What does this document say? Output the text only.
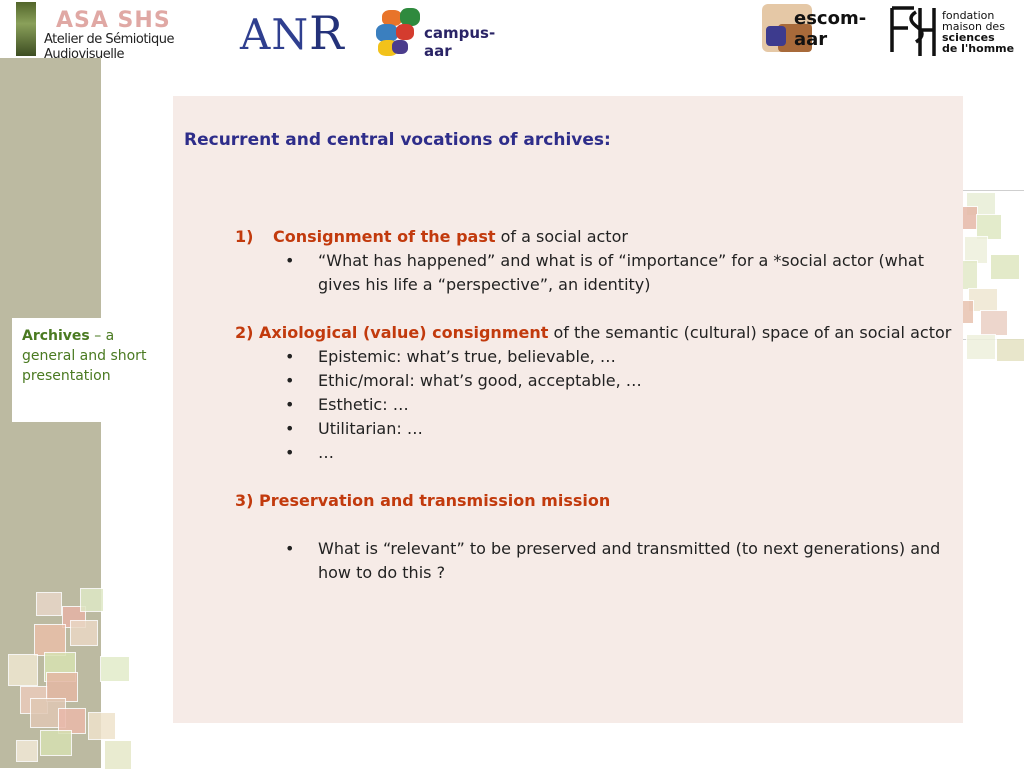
Archives – a general and short presentation
ASA SHS
Atelier de Sémiotique Audiovisuelle	ANR	campus-aar
escom-aar
fondation
maison des
sciences
de l'homme
Recurrent and central vocations of archives:
1) Consignment of the past of a social actor
• “What has happened” and what is of “importance” for a *social actor (what gives his life a “perspective”, an identity)
2) Axiological (value) consignment of the semantic (cultural) space of an social actor
• Epistemic: what’s true, believable, …
• Ethic/moral: what’s good, acceptable, …
• Esthetic: …
• Utilitarian: …
• …
3) Preservation and transmission mission
• What is “relevant” to be preserved and transmitted (to next generations) and how to do this ?
